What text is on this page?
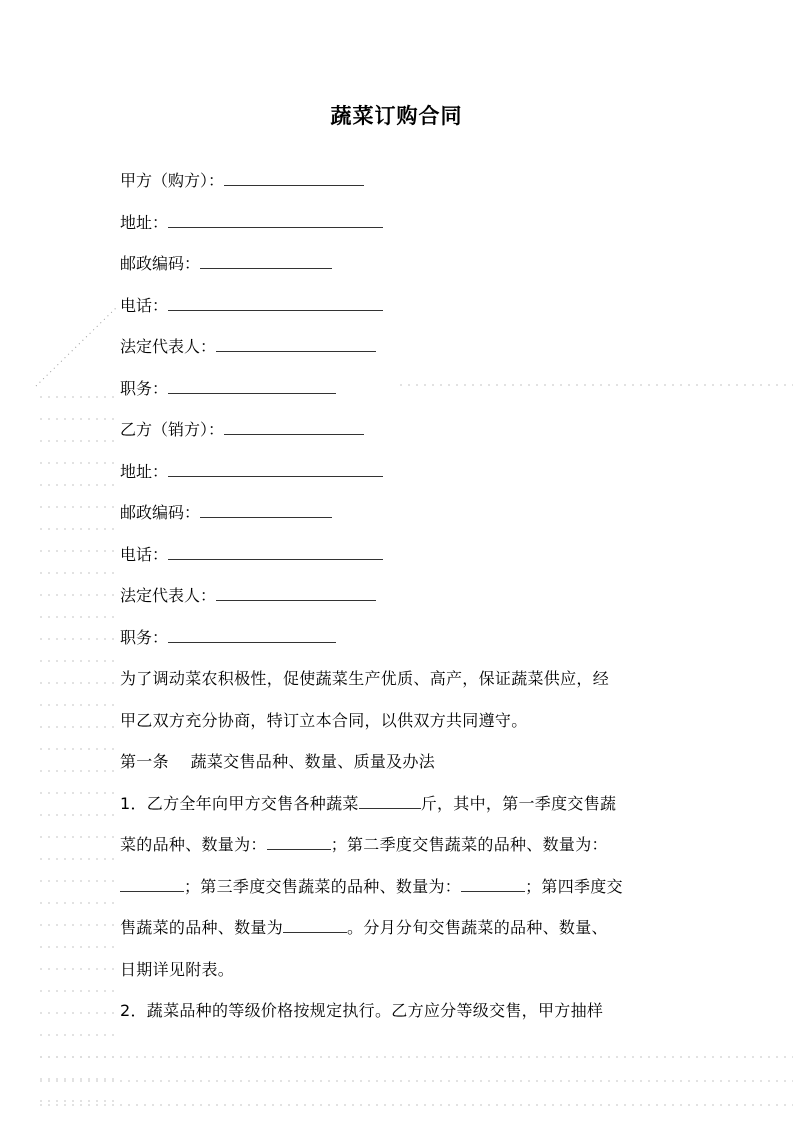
蔬菜订购合同
甲方（购方）：
地址：
邮政编码：
电话：
法定代表人：
职务：
乙方（销方）：
地址：
邮政编码：
电话：
法定代表人：
职务：
为了调动菜农积极性，促使蔬菜生产优质、高产，保证蔬菜供应，经
甲乙双方充分协商，特订立本合同，以供双方共同遵守。
第一条　 蔬菜交售品种、数量、质量及办法
1．乙方全年向甲方交售各种蔬菜	斤，其中，第一季度交售蔬
菜的品种、数量为：	；第二季度交售蔬菜的品种、数量为：
；第三季度交售蔬菜的品种、数量为：	；第四季度交
售蔬菜的品种、数量为	。分月分旬交售蔬菜的品种、数量、
日期详见附表。
2．蔬菜品种的等级价格按规定执行。乙方应分等级交售，甲方抽样
